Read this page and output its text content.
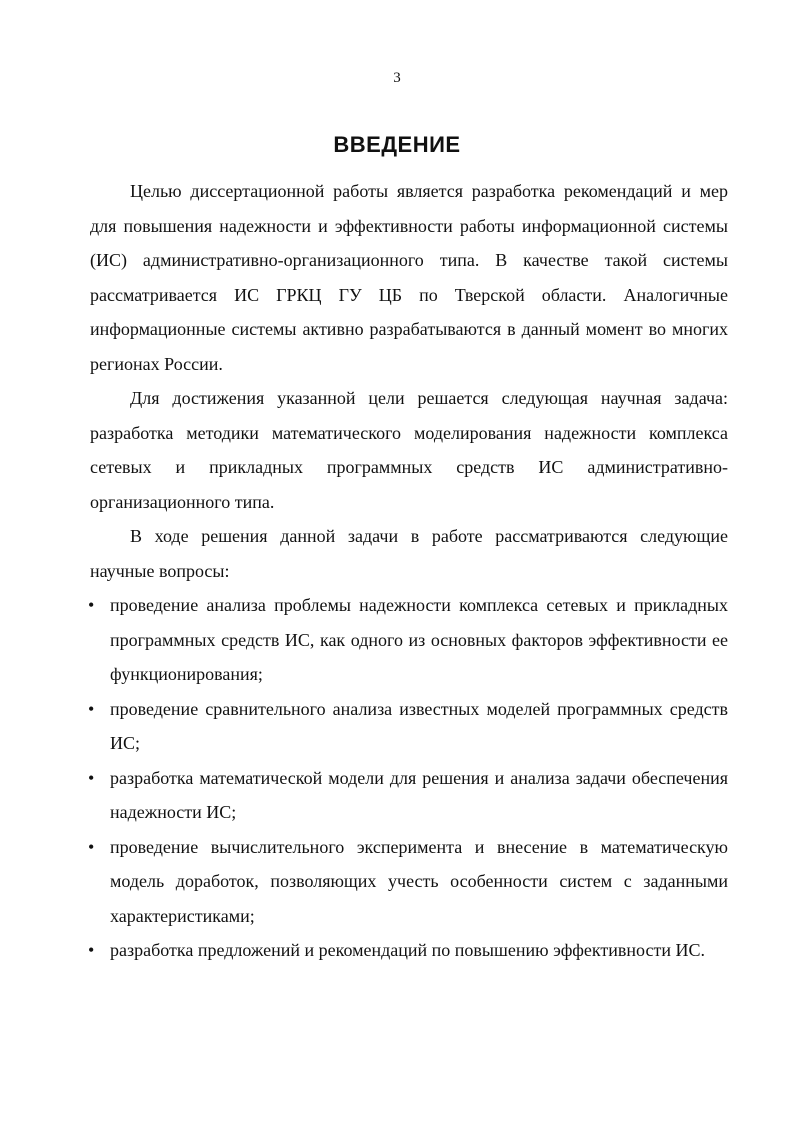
3
ВВЕДЕНИЕ

Целью диссертационной работы является разработка рекомендаций и мер для повышения надежности и эффективности работы информационной системы (ИС) административно-организационного типа. В качестве такой системы рассматривается ИС ГРКЦ ГУ ЦБ по Тверской области. Аналогичные информационные системы активно разрабатываются в данный момент во многих регионах России.

Для достижения указанной цели решается следующая научная задача: разработка методики математического моделирования надежности комплекса сетевых и прикладных программных средств ИС административно-организационного типа.

В ходе решения данной задачи в работе рассматриваются следующие научные вопросы:

• проведение анализа проблемы надежности комплекса сетевых и прикладных программных средств ИС, как одного из основных факторов эффективности ее функционирования;
• проведение сравнительного анализа известных моделей программных средств ИС;
• разработка математической модели для решения и анализа задачи обеспечения надежности ИС;
• проведение вычислительного эксперимента и внесение в математическую модель доработок, позволяющих учесть особенности систем с заданными характеристиками;
• разработка предложений и рекомендаций по повышению эффективности ИС.
